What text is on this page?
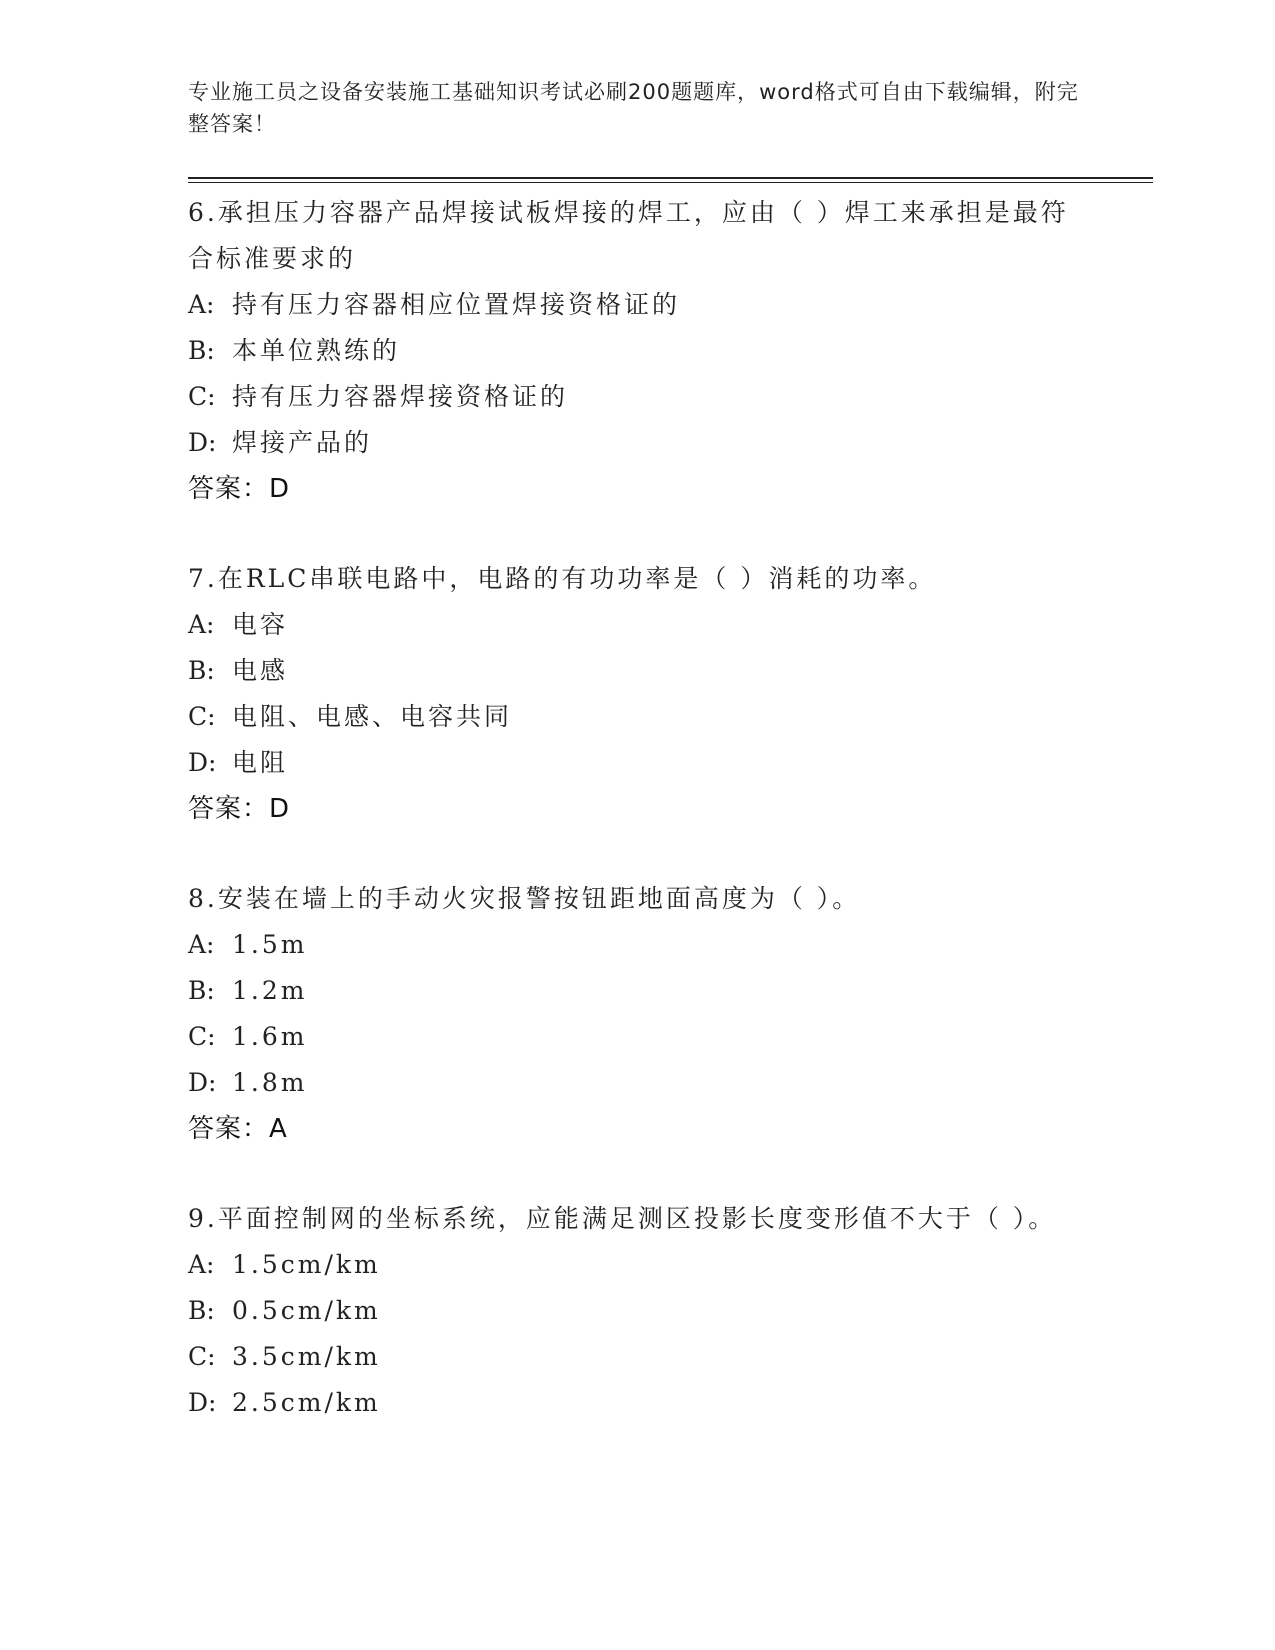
专业施工员之设备安装施工基础知识考试必刷200题题库，word格式可自由下载编辑，附完整答案！
6.承担压力容器产品焊接试板焊接的焊工，应由（ ）焊工来承担是最符合标准要求的
A: 持有压力容器相应位置焊接资格证的
B: 本单位熟练的
C: 持有压力容器焊接资格证的
D: 焊接产品的
答案：D
7.在RLC串联电路中，电路的有功功率是（ ）消耗的功率。
A: 电容
B: 电感
C: 电阻、电感、电容共同
D: 电阻
答案：D
8.安装在墙上的手动火灾报警按钮距地面高度为（ ）。
A: 1.5m
B: 1.2m
C: 1.6m
D: 1.8m
答案：A
9.平面控制网的坐标系统，应能满足测区投影长度变形值不大于（ ）。
A: 1.5cm/km
B: 0.5cm/km
C: 3.5cm/km
D: 2.5cm/km
